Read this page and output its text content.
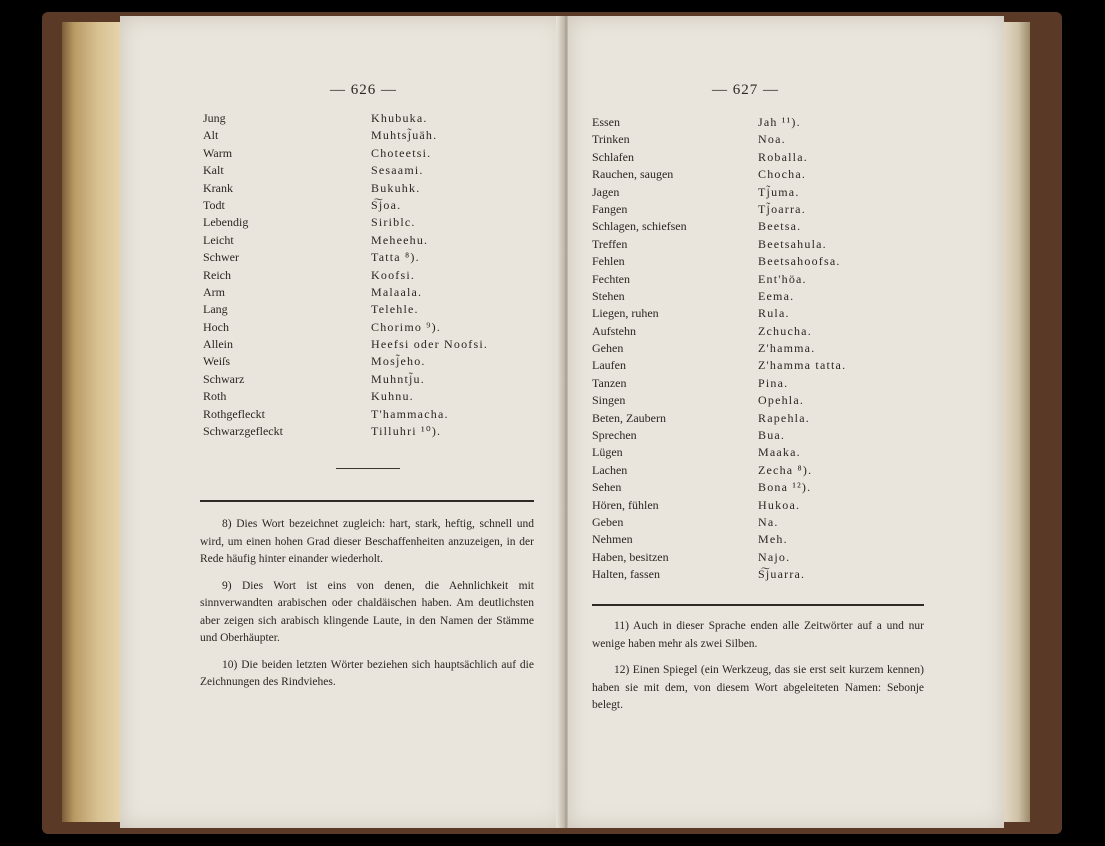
— 626 —
Jung	Khubuka.
Alt	Muhtsj̃uäh.
Warm	Choteetsi.
Kalt	Sesaami.
Krank	Bukuhk.
Todt	S͠joa.
Lebendig	Siriblc.
Leicht	Meheehu.
Schwer	Tatta ⁸).
Reich	Koofsi.
Arm	Malaala.
Lang	Telehle.
Hoch	Chorimo ⁹).
Allein	Heefsi oder Noofsi.
Weiſs	Mosj̃eho.
Schwarz	Muhntj̃u.
Roth	Kuhnu.
Rothgefleckt	T'hammacha.
Schwarzgefleckt	Tilluhri ¹⁰).

8) Dies Wort bezeichnet zugleich: hart, stark, heftig, schnell und wird, um einen hohen Grad dieser Beschaffenheiten anzuzeigen, in der Rede häufig hinter einander wiederholt.

9) Dies Wort ist eins von denen, die Aehnlichkeit mit sinnverwandten arabischen oder chaldäischen haben. Am deutlichsten aber zeigen sich arabisch klingende Laute, in den Namen der Stämme und Oberhäupter.

10) Die beiden letzten Wörter beziehen sich hauptsächlich auf die Zeichnungen des Rindviehes.

— 627 —
Essen	Jah ¹¹).
Trinken	Noa.
Schlafen	Roballa.
Rauchen, saugen	Chocha.
Jagen	Tj̃uma.
Fangen	Tj̃oarra.
Schlagen, schiefsen	Beetsa.
Treffen	Beetsahula.
Fehlen	Beetsahoofsa.
Fechten	Ent'höa.
Stehen	Eema.
Liegen, ruhen	Rula.
Aufstehn	Zchucha.
Gehen	Z'hamma.
Laufen	Z'hamma tatta.
Tanzen	Pina.
Singen	Opehla.
Beten, Zaubern	Rapehla.
Sprechen	Bua.
Lügen	Maaka.
Lachen	Zecha ⁸).
Sehen	Bona ¹²).
Hören, fühlen	Hukoa.
Geben	Na.
Nehmen	Meh.
Haben, besitzen	Najo.
Halten, fassen	S͠juarra.

11) Auch in dieser Sprache enden alle Zeitwörter auf a und nur wenige haben mehr als zwei Silben.

12) Einen Spiegel (ein Werkzeug, das sie erst seit kurzem kennen) haben sie mit dem, von diesem Wort abgeleiteten Namen: Sebonje belegt.
